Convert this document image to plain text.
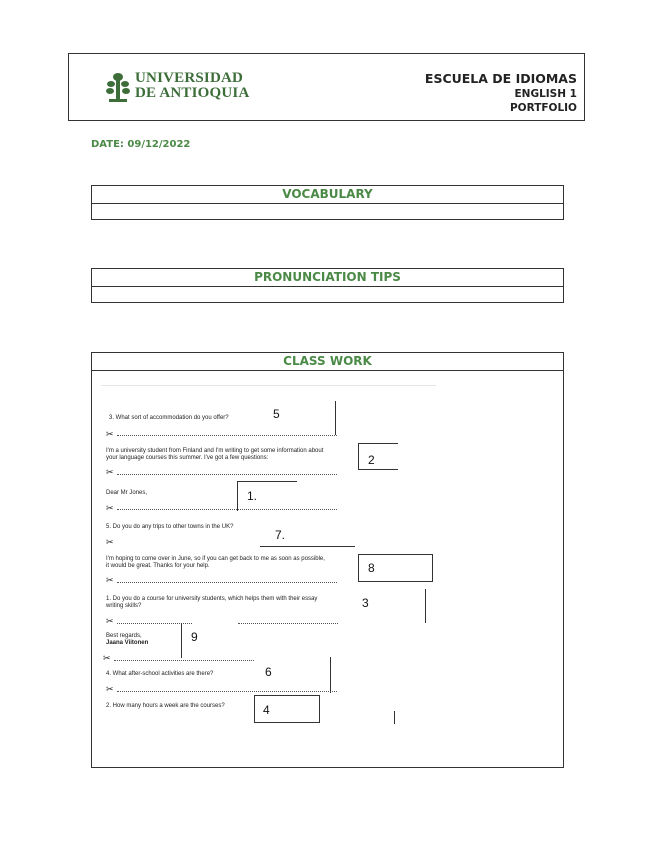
UNIVERSIDAD
DE ANTIOQUIA
ESCUELA DE IDIOMAS
ENGLISH 1
PORTFOLIO
DATE: 09/12/2022
VOCABULARY
PRONUNCIATION TIPS
CLASS WORK
3. What sort of accommodation do you offer?	5
✂
I'm a university student from Finland and I'm writing to get some information about
your language courses this summer. I've got a few questions:	2
✂
Dear Mr Jones,	1.
✂
5. Do you do any trips to other towns in the UK?
7.
✂
I'm hoping to come over in June, so if you can get back to me as soon as possible,
it would be great. Thanks for your help.	8
✂
1. Do you do a course for university students, which helps them with their essay
writing skills?	3
✂
Best regards,
Jaana Viitonen	9
✂
4. What after-school activities are there?	6
✂
2. How many hours a week are the courses?	4
